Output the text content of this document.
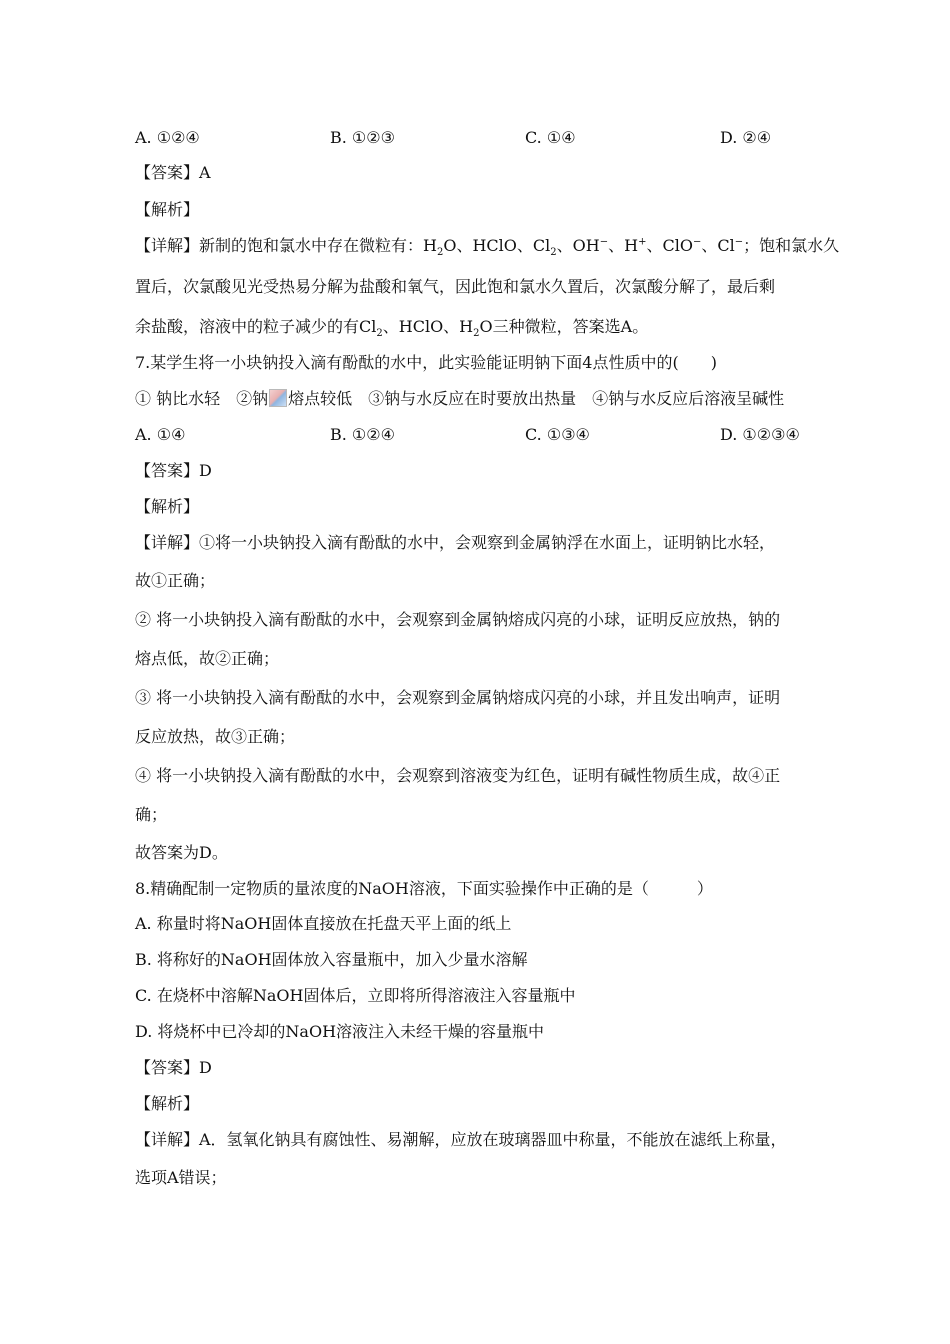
A. ①②④	B. ①②③	C. ①④	D. ②④
【答案】A
【解析】
【详解】新制的饱和氯水中存在微粒有：$H_2O$、HClO、$Cl_2$、OH−、H+、ClO−、Cl−；饱和氯水久
置后，次氯酸见光受热易分解为盐酸和氧气，因此饱和氯水久置后，次氯酸分解了，最后剩
余盐酸，溶液中的粒子减少的有$Cl_2$、HClO、$H_2O$三种微粒，答案选A。
7.某学生将一小块钠投入滴有酚酞的水中，此实验能证明钠下面4点性质中的(　　)
① 钠比水轻　②钠 熔点较低　③钠与水反应在时要放出热量　④钠与水反应后溶液呈碱性
A. ①④	B. ①②④	C. ①③④	D. ①②③④
【答案】D
【解析】
【详解】①将一小块钠投入滴有酚酞的水中，会观察到金属钠浮在水面上，证明钠比水轻，
故①正确；
② 将一小块钠投入滴有酚酞的水中，会观察到金属钠熔成闪亮的小球，证明反应放热，钠的
熔点低，故②正确；
③ 将一小块钠投入滴有酚酞的水中，会观察到金属钠熔成闪亮的小球，并且发出响声，证明
反应放热，故③正确；
④ 将一小块钠投入滴有酚酞的水中，会观察到溶液变为红色，证明有碱性物质生成，故④正
确；
故答案为D。
8.精确配制一定物质的量浓度的NaOH溶液，下面实验操作中正确的是（　　　）
A. 称量时将NaOH固体直接放在托盘天平上面的纸上
B. 将称好的NaOH固体放入容量瓶中，加入少量水溶解
C. 在烧杯中溶解NaOH固体后，立即将所得溶液注入容量瓶中
D. 将烧杯中已冷却的NaOH溶液注入未经干燥的容量瓶中
【答案】D
【解析】
【详解】A．氢氧化钠具有腐蚀性、易潮解，应放在玻璃器皿中称量，不能放在滤纸上称量，
选项A错误；
